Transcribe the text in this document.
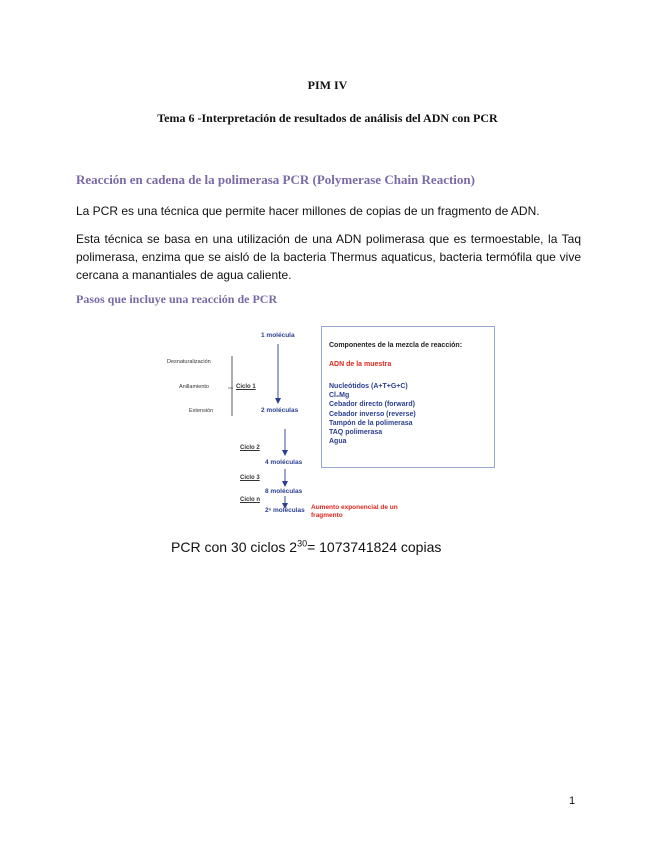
PIM IV
Tema 6 -Interpretación de resultados de análisis del ADN con PCR
Reacción en cadena de la polimerasa PCR (Polymerase Chain Reaction)
La PCR es una técnica que permite hacer millones de copias de un fragmento de ADN.
Esta técnica se basa en una utilización de una ADN polimerasa que es termoestable, la Taq polimerasa, enzima que se aisló de la bacteria Thermus aquaticus, bacteria termófila que vive cercana a manantiales de agua caliente.
Pasos que incluye una reacción de PCR
Desnaturalización
Anillamiento
Extensión
Ciclo 1
Ciclo 2
Ciclo 3
Ciclo n
1 molécula
2 moléculas
4 moléculas
8 moléculas
2ⁿ moléculas Aumento exponencial de un fragmento
Componentes de la mezcla de reacción:
ADN de la muestra
Nucleótidos (A+T+G+C)
Cl₂Mg
Cebador directo (forward)
Cebador inverso (reverse)
Tampón de la polimerasa
TAQ polimerasa
Agua
PCR con 30 ciclos $2^{30}= 1073741824$ copias
1
